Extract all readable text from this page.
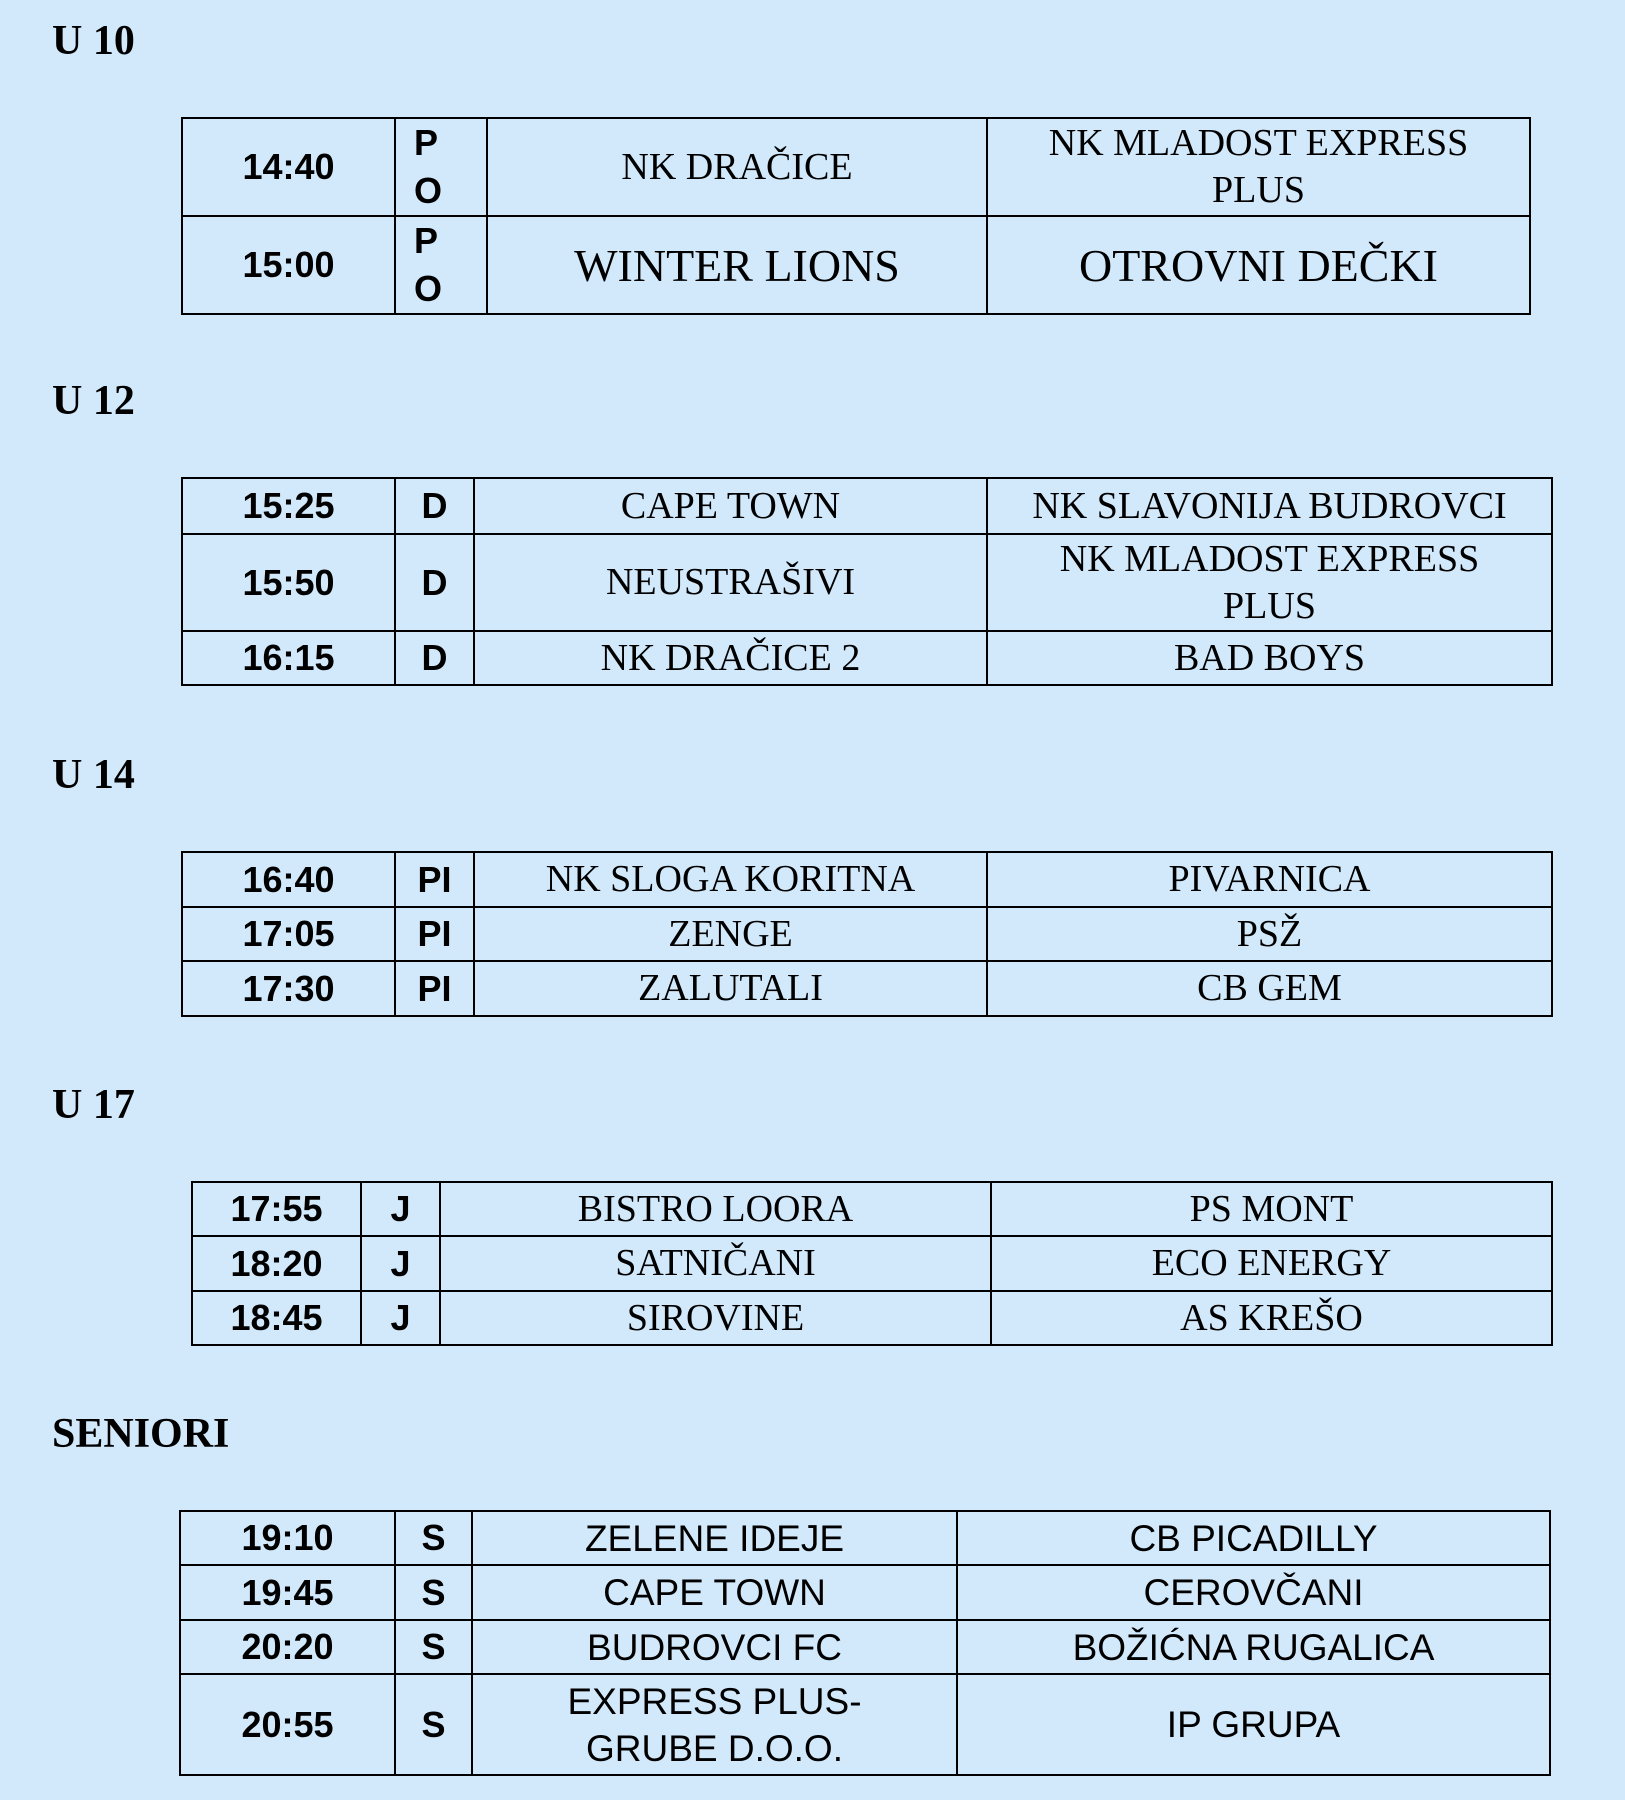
U 10
14:40	PO	NK DRAČICE	NK MLADOST EXPRESS PLUS
15:00	PO	WINTER LIONS	OTROVNI DEČKI
U 12
15:25	D	CAPE TOWN	NK SLAVONIJA BUDROVCI
15:50	D	NEUSTRAŠIVI	NK MLADOST EXPRESS PLUS
16:15	D	NK DRAČICE 2	BAD BOYS
U 14
16:40	PI	NK SLOGA KORITNA	PIVARNICA
17:05	PI	ZENGE	PSŽ
17:30	PI	ZALUTALI	CB GEM
U 17
17:55	J	BISTRO LOORA	PS MONT
18:20	J	SATNIČANI	ECO ENERGY
18:45	J	SIROVINE	AS KREŠO
SENIORI
19:10	S	ZELENE IDEJE	CB PICADILLY
19:45	S	CAPE TOWN	CEROVČANI
20:20	S	BUDROVCI FC	BOŽIĆNA RUGALICA
20:55	S	EXPRESS PLUS-GRUBE D.O.O.	IP GRUPA
